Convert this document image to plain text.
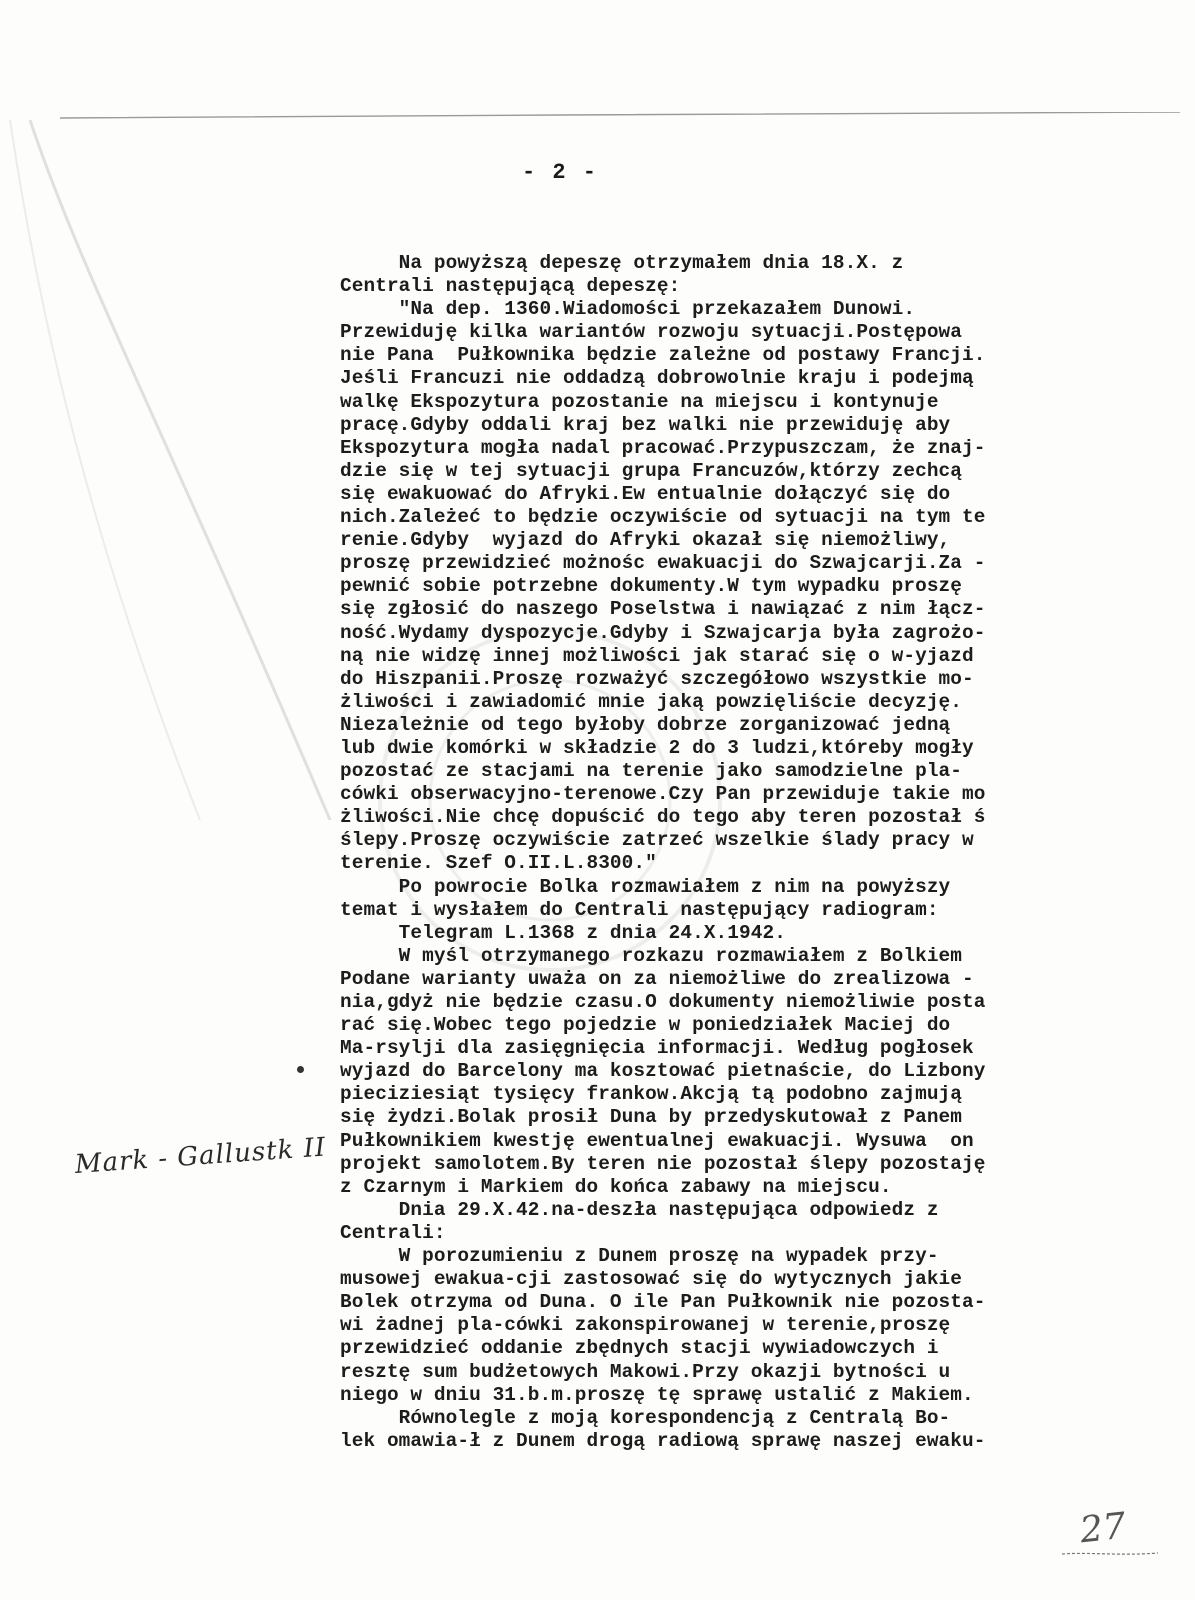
- 2 -
Na powyższą depeszę otrzymałem dnia 18.X. z
Centrali następującą depeszę:
"Na dep. 1360.Wiadomości przekazałem Dunowi.
Przewiduję kilka wariantów rozwoju sytuacji.Postępowa
nie Pana  Pułkownika będzie zależne od postawy Francji.
Jeśli Francuzi nie oddadzą dobrowolnie kraju i podejmą
walkę Ekspozytura pozostanie na miejscu i kontynuje
pracę.Gdyby oddali kraj bez walki nie przewiduję aby
Ekspozytura mogła nadal pracować.Przypuszczam, że znaj-
dzie się w tej sytuacji grupa Francuzów,którzy zechcą
się ewakuować do Afryki.Ew entualnie dołączyć się do
nich.Zależeć to będzie oczywiście od sytuacji na tym te
renie.Gdyby  wyjazd do Afryki okazał się niemożliwy,
proszę przewidzieć możnośc ewakuacji do Szwajcarji.Za -
pewnić sobie potrzebne dokumenty.W tym wypadku proszę
się zgłosić do naszego Poselstwa i nawiązać z nim łącz-
ność.Wydamy dyspozycje.Gdyby i Szwajcarja była zagrożo-
ną nie widzę innej możliwości jak starać się o w-yjazd
do Hiszpanii.Proszę rozważyć szczegółowo wszystkie mo-
żliwości i zawiadomić mnie jaką powzięliście decyzję.
Niezależnie od tego byłoby dobrze zorganizować jedną
lub dwie komórki w składzie 2 do 3 ludzi,któreby mogły
pozostać ze stacjami na terenie jako samodzielne pla-
cówki obserwacyjno-terenowe.Czy Pan przewiduje takie mo
żliwości.Nie chcę dopuścić do tego aby teren pozostał ś
ślepy.Proszę oczywiście zatrzeć wszelkie ślady pracy w
terenie. Szef O.II.L.8300."
Po powrocie Bolka rozmawiałem z nim na powyższy
temat i wysłałem do Centrali następujący radiogram:
Telegram L.1368 z dnia 24.X.1942.
W myśl otrzymanego rozkazu rozmawiałem z Bolkiem
Podane warianty uważa on za niemożliwe do zrealizowa -
nia,gdyż nie będzie czasu.O dokumenty niemożliwie posta
rać się.Wobec tego pojedzie w poniedziałek Maciej do
Ma-rsylji dla zasięgnięcia informacji. Według pogłosek
wyjazd do Barcelony ma kosztować pietnaście, do Lizbony
pieciziesiąt tysięcy frankow.Akcją tą podobno zajmują
się żydzi.Bolak prosił Duna by przedyskutował z Panem
Pułkownikiem kwestję ewentualnej ewakuacji. Wysuwa  on
projekt samolotem.By teren nie pozostał ślepy pozostaję
z Czarnym i Markiem do końca zabawy na miejscu.
Dnia 29.X.42.na-deszła następująca odpowiedz z
Centrali:
W porozumieniu z Dunem proszę na wypadek przy-
musowej ewakua-cji zastosować się do wytycznych jakie
Bolek otrzyma od Duna. O ile Pan Pułkownik nie pozosta-
wi żadnej pla-cówki zakonspirowanej w terenie,proszę
przewidzieć oddanie zbędnych stacji wywiadowczych i
resztę sum budżetowych Makowi.Przy okazji bytności u
niego w dniu 31.b.m.proszę tę sprawę ustalić z Makiem.
Równolegle z moją korespondencją z Centralą Bo-
lek omawia-ł z Dunem drogą radiową sprawę naszej ewaku-
Mark - Gallustk II
27
